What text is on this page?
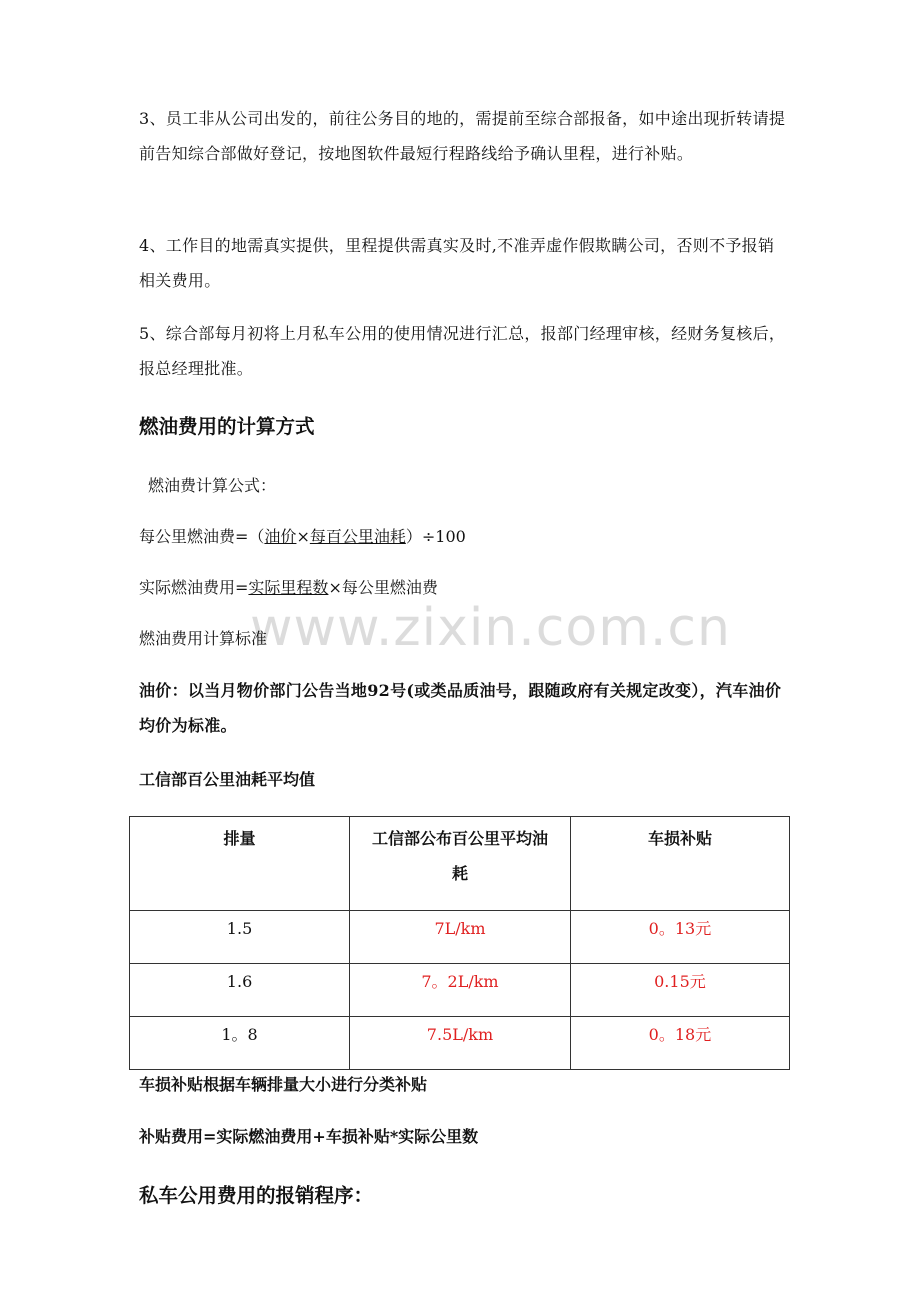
www.zixin.com.cn

3、员工非从公司出发的，前往公务目的地的，需提前至综合部报备，如中途出现折转请提前告知综合部做好登记，按地图软件最短行程路线给予确认里程，进行补贴。

4、工作目的地需真实提供，里程提供需真实及时,不准弄虚作假欺瞒公司，否则不予报销相关费用。

5、综合部每月初将上月私车公用的使用情况进行汇总，报部门经理审核，经财务复核后，报总经理批准。

燃油费用的计算方式

燃油费计算公式：

每公里燃油费=（油价×每百公里油耗）÷100

实际燃油费用=实际里程数×每公里燃油费

燃油费用计算标准

油价：以当月物价部门公告当地92号(或类品质油号，跟随政府有关规定改变），汽车油价均价为标准。

工信部百公里油耗平均值

排量	工信部公布百公里平均油耗	车损补贴
1.5	7L/km	0。13元
1.6	7。2L/km	0.15元
1。8	7.5L/km	0。18元

车损补贴根据车辆排量大小进行分类补贴

补贴费用=实际燃油费用+车损补贴*实际公里数

私车公用费用的报销程序：
